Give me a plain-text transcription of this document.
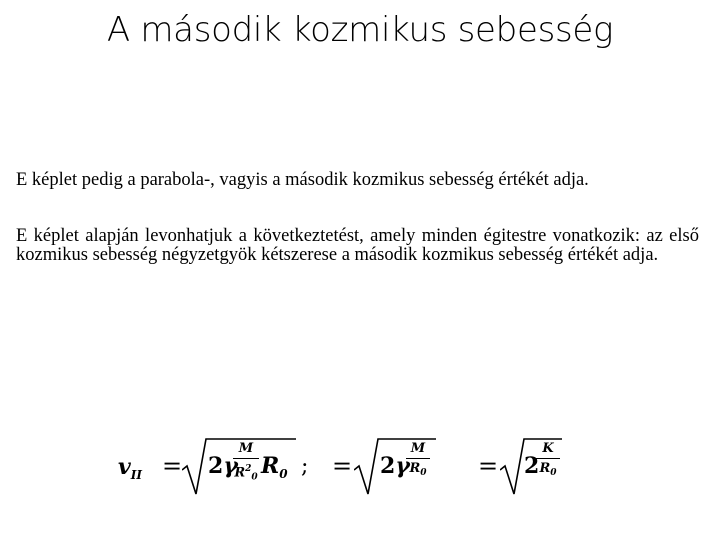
A második kozmikus sebesség
E képlet pedig a parabola-, vagyis a második kozmikus sebesség értékét adja.
E képlet alapján levonhatjuk a következtetést, amely minden égitestre vonatkozik: az első kozmikus sebesség négyzetgyök kétszerese a második kozmikus sebesség értékét adja.
$v_{II} = 2\gamma$
M
$R^2_0$ $R_0$ ; = 2γ
M
$R_0 = 2$
K
$R_0$
